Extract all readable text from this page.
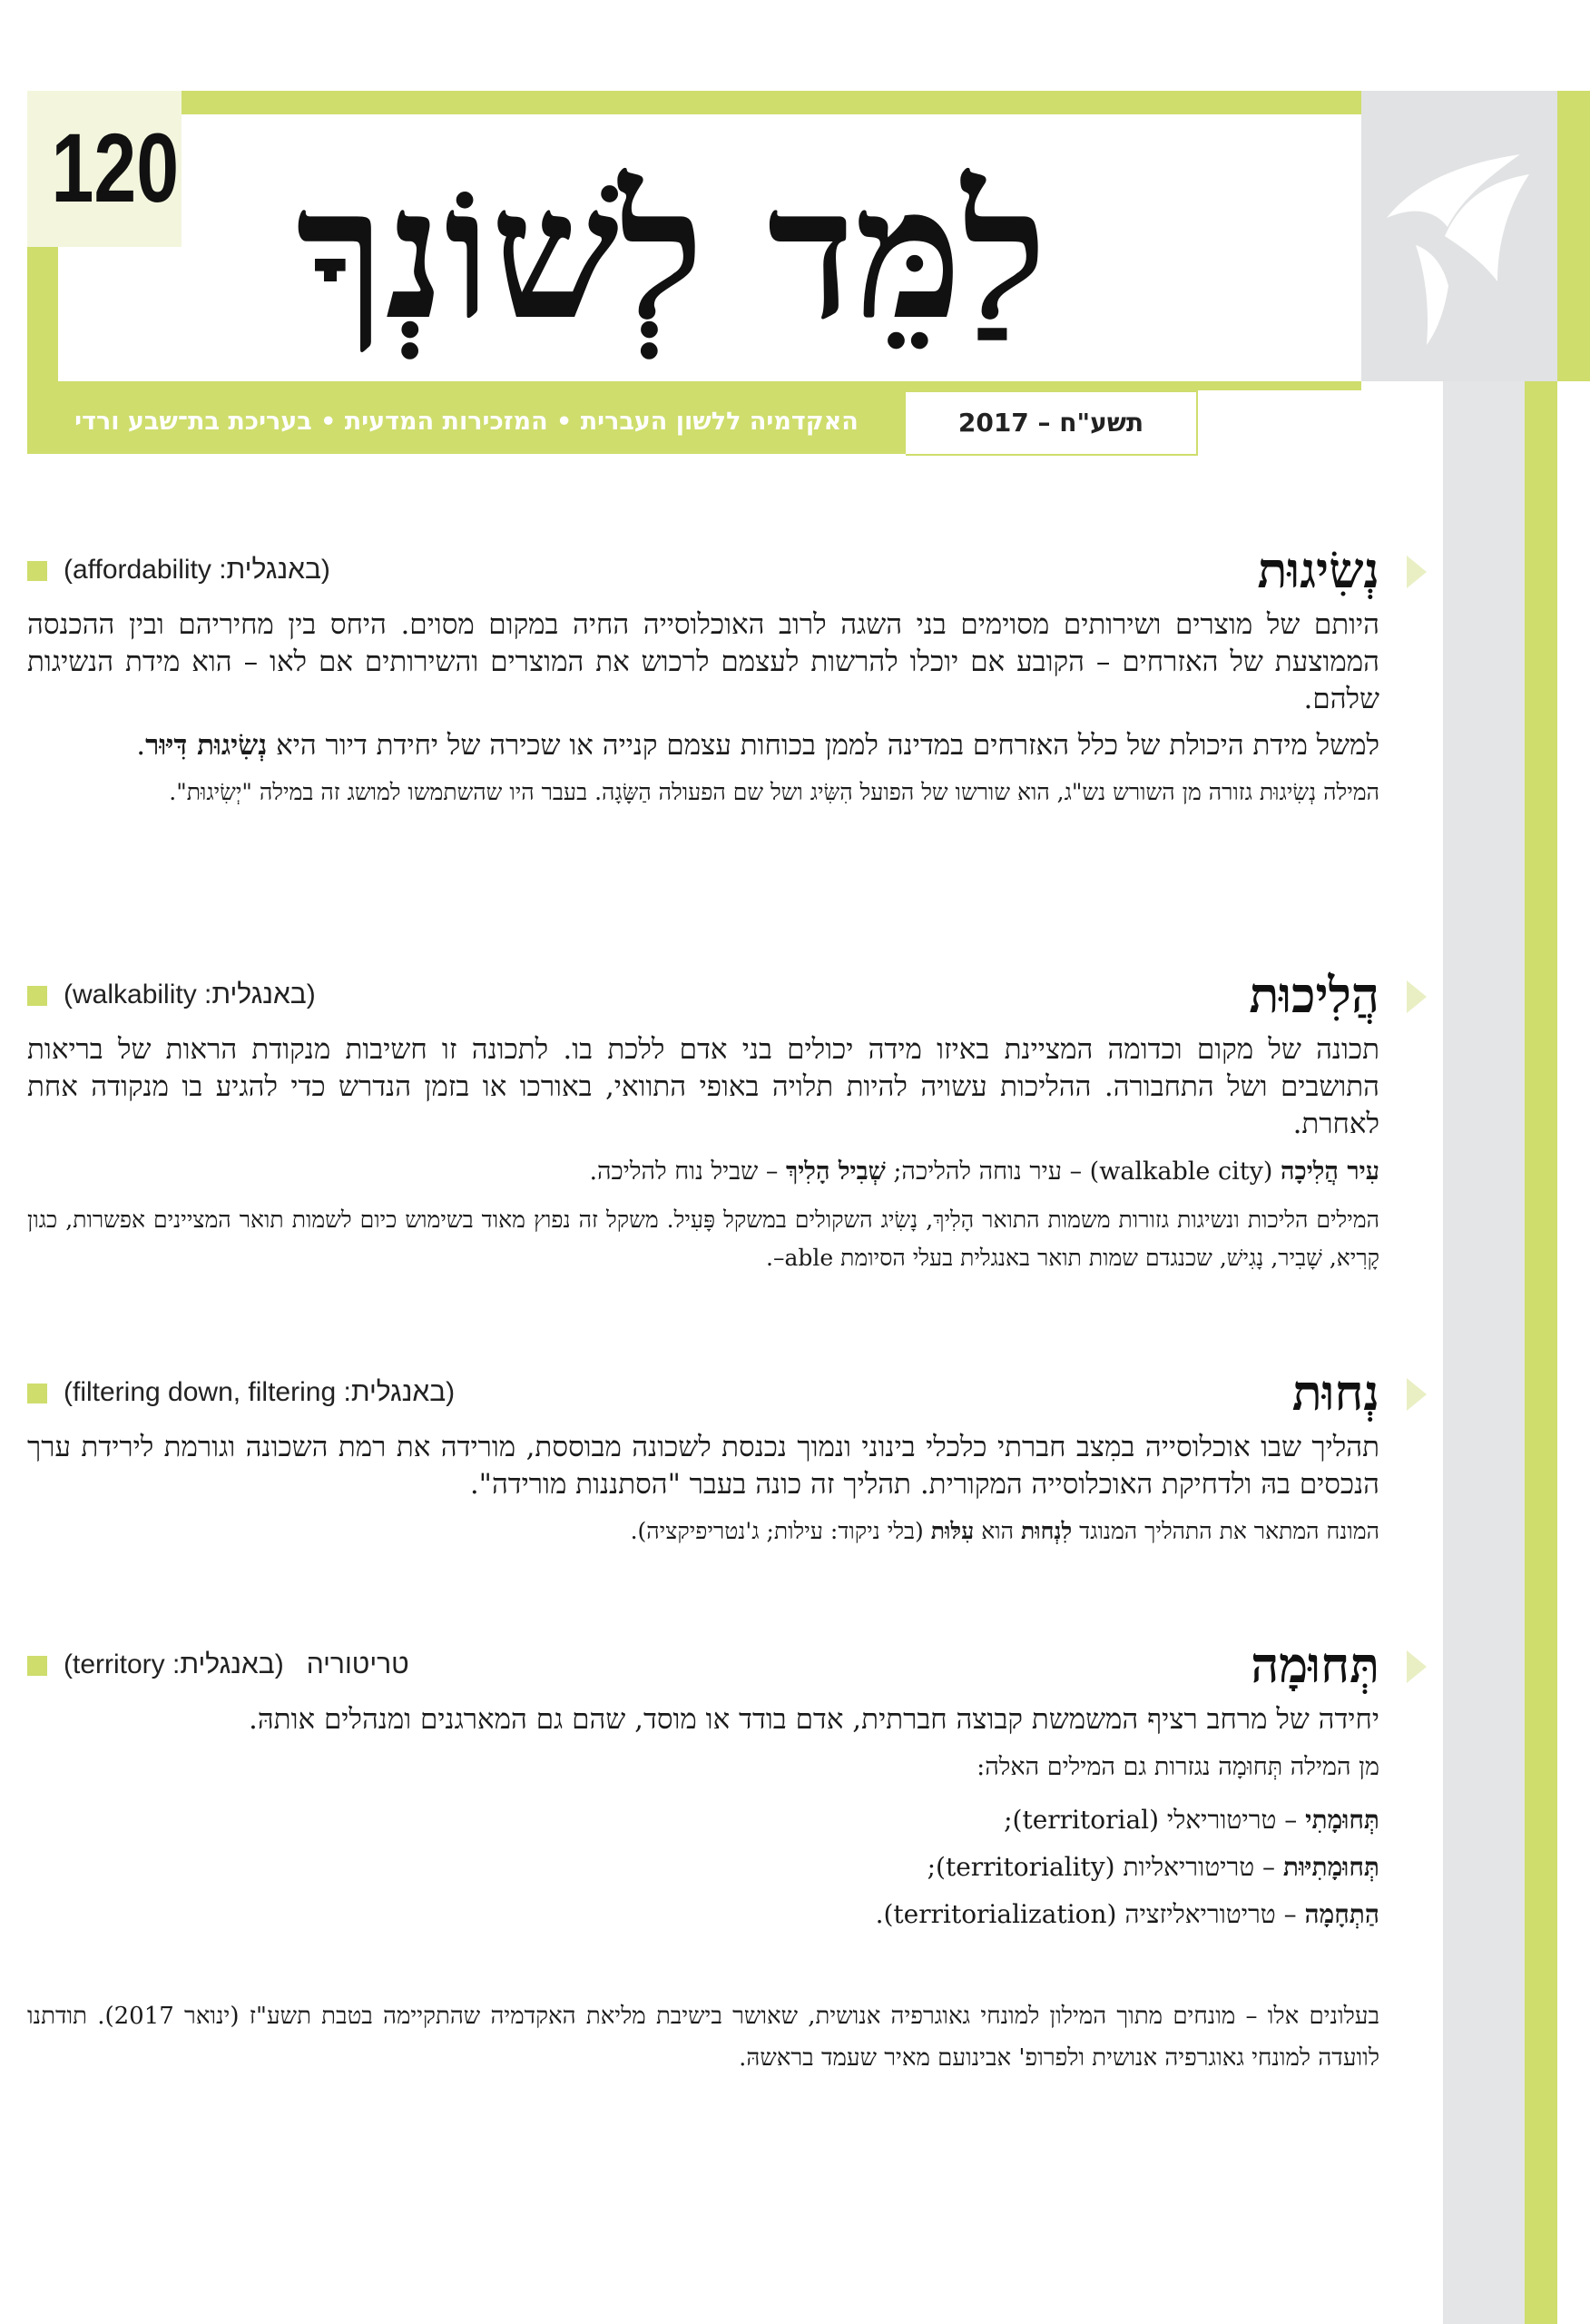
120 לַמֵּד לְשׁוֹנְךָ
האקדמיה ללשון העברית • המזכירות המדעית • בעריכת בת־שבע ורדי	תשע"ח – 2017
נְשִׂיגוּת
(באנגלית: affordability)

היותם של מוצרים ושירותים מסוימים בני השגה לרוב האוכלוסייה החיה במקום מסוים. היחס בין מחיריהם ובין ההכנסה הממוצעת של האזרחים – הקובע אם יוכלו להרשות לעצמם לרכוש את המוצרים והשירותים אם לאו – הוא מידת הנשיגות שלהם.

למשל מידת היכולת של כלל האזרחים במדינה לממן בכוחות עצמם קנייה או שכירה של יחידת דיור היא נְשִׂיגוּת דִּיּוּר.

המילה נְשִׂיגוּת גזורה מן השורש נש"ג, הוא שורשו של הפועל הִשִּׂיג ושל שם הפעולה הַשָּׂגָה. בעבר היו שהשתמשו למושג זה במילה "יְשִׂיגוּת".

הֲלִיכוּת
(באנגלית: walkability)

תכונה של מקום וכדומה המציינת באיזו מידה יכולים בני אדם ללכת בו. לתכונה זו חשיבות מנקודת הראות של בריאות התושבים ושל התחבורה. ההליכות עשויה להיות תלויה באופי התוואי, באורכו או בזמן הנדרש כדי להגיע בו מנקודה אחת לאחרת.

עִיר הֲלִיכָה (walkable city) – עיר נוחה להליכה; שְׁבִיל הָלִיךְ – שביל נוח להליכה.

המילים הליכות ונשיגות גזורות משמות התואר הָלִיךְ, נָשִׂיג השקולים במשקל פָּעִיל. משקל זה נפוץ מאוד בשימוש כיום לשמות תואר המציינים אפשרות, כגון קָרִיא, שָׁבִיר, נָגִישׁ, שכנגדם שמות תואר באנגלית בעלי הסיומת able–.

נְחוּת
(באנגלית: filtering down, filtering)

תהליך שבו אוכלוסייה במִצב חברתי כלכלי בינוני ונמוך נכנסת לשכונה מבוססת, מורידה את רמת השכונה וגורמת לירידת ערך הנכסים בהּ ולדחיקת האוכלוסייה המקורית. תהליך זה כונה בעבר "הסתננות מורידה".

המונח המתאר את התהליך המנוגד לִנְחוּת הוא עִלּוּת (בלי ניקוד: עילות; ג'נטריפיקציה).

תְּחוּמָה
טריטוריה   (באנגלית: territory)

יחידה של מרחב רציף המשמשת קבוצה חברתית, אדם בודד או מוסד, שהם גם המארגנים ומנהלים אותהּ.

מן המילה תְּחוּמָה נגזרות גם המילים האלה:

תְּחוּמָתִי – טריטוריאלי (territorial);

תְּחוּמָתִיּוּת – טריטוריאליות (territoriality);

הַתְחָמָה – טריטוריאליזציה (territorialization).

בעלונים אלו – מונחים מתוך המילון למונחי גאוגרפיה אנושית, שאושר בישיבת מליאת האקדמיה שהתקיימה בטבת תשע"ז (ינואר 2017). תודתנו לוועדה למונחי גאוגרפיה אנושית ולפרופ' אבינועם מאיר שעמד בראשהּ.
